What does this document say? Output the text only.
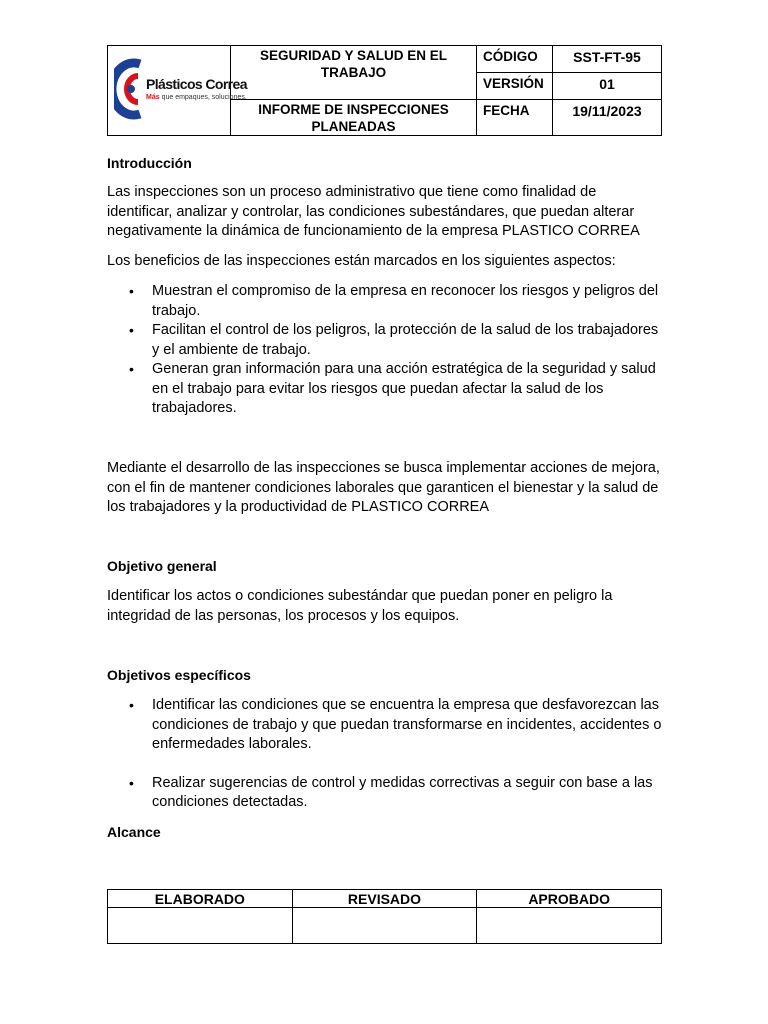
Plásticos Correa
Más que empaques, soluciones.	SEGURIDAD Y SALUD EN EL TRABAJO	CÓDIGO	SST-FT-95
		VERSIÓN	01
	INFORME DE INSPECCIONES PLANEADAS	FECHA	19/11/2023
Introducción

Las inspecciones son un proceso administrativo que tiene como finalidad de identificar, analizar y controlar, las condiciones subestándares, que puedan alterar negativamente la dinámica de funcionamiento de la empresa PLASTICO CORREA

Los beneficios de las inspecciones están marcados en los siguientes aspectos:

• Muestran el compromiso de la empresa en reconocer los riesgos y peligros del trabajo.
• Facilitan el control de los peligros, la protección de la salud de los trabajadores y el ambiente de trabajo.
• Generan gran información para una acción estratégica de la seguridad y salud en el trabajo para evitar los riesgos que puedan afectar la salud de los trabajadores.

Mediante el desarrollo de las inspecciones se busca implementar acciones de mejora, con el fin de mantener condiciones laborales que garanticen el bienestar y la salud de los trabajadores y la productividad de PLASTICO CORREA

Objetivo general

Identificar los actos o condiciones subestándar que puedan poner en peligro la integridad de las personas, los procesos y los equipos.

Objetivos específicos
• Identificar las condiciones que se encuentra la empresa que desfavorezcan las condiciones de trabajo y que puedan transformarse en incidentes, accidentes o enfermedades laborales.
• Realizar sugerencias de control y medidas correctivas a seguir con base a las condiciones detectadas.
Alcance
ELABORADO	REVISADO	APROBADO
